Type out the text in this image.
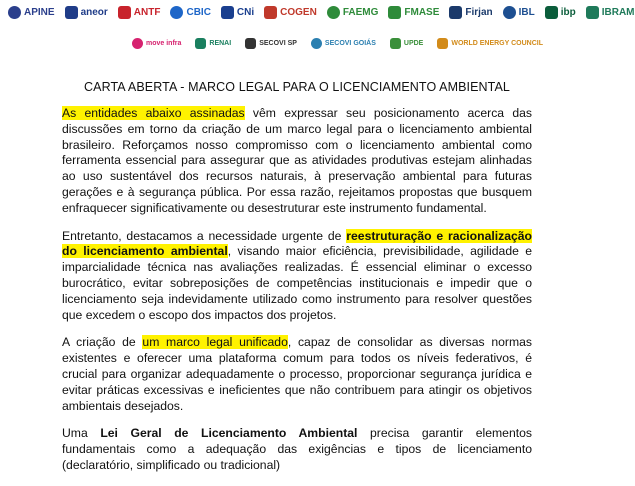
APINE	aneor	ANTF	CBIC	CNi	COGEN	FAEMG	FMASE	Firjan	IBL	ibp	IBRAM
move infra	RENAI	SECOVI SP	SECOVI GOIÁS	UPDE	WORLD ENERGY COUNCIL
CARTA ABERTA - MARCO LEGAL PARA O LICENCIAMENTO AMBIENTAL

As entidades abaixo assinadas vêm expressar seu posicionamento acerca das discussões em torno da criação de um marco legal para o licenciamento ambiental brasileiro. Reforçamos nosso compromisso com o licenciamento ambiental como ferramenta essencial para assegurar que as atividades produtivas estejam alinhadas ao uso sustentável dos recursos naturais, à preservação ambiental para futuras gerações e à segurança pública. Por essa razão, rejeitamos propostas que busquem enfraquecer significativamente ou desestruturar este instrumento fundamental.

Entretanto, destacamos a necessidade urgente de reestruturação e racionalização do licenciamento ambiental, visando maior eficiência, previsibilidade, agilidade e imparcialidade técnica nas avaliações realizadas. É essencial eliminar o excesso burocrático, evitar sobreposições de competências institucionais e impedir que o licenciamento seja indevidamente utilizado como instrumento para resolver questões que excedem o escopo dos impactos dos projetos.

A criação de um marco legal unificado, capaz de consolidar as diversas normas existentes e oferecer uma plataforma comum para todos os níveis federativos, é crucial para organizar adequadamente o processo, proporcionar segurança jurídica e evitar práticas excessivas e ineficientes que não contribuem para atingir os objetivos ambientais desejados.

Uma Lei Geral de Licenciamento Ambiental precisa garantir elementos fundamentais como a adequação das exigências e tipos de licenciamento (declaratório, simplificado ou tradicional)
